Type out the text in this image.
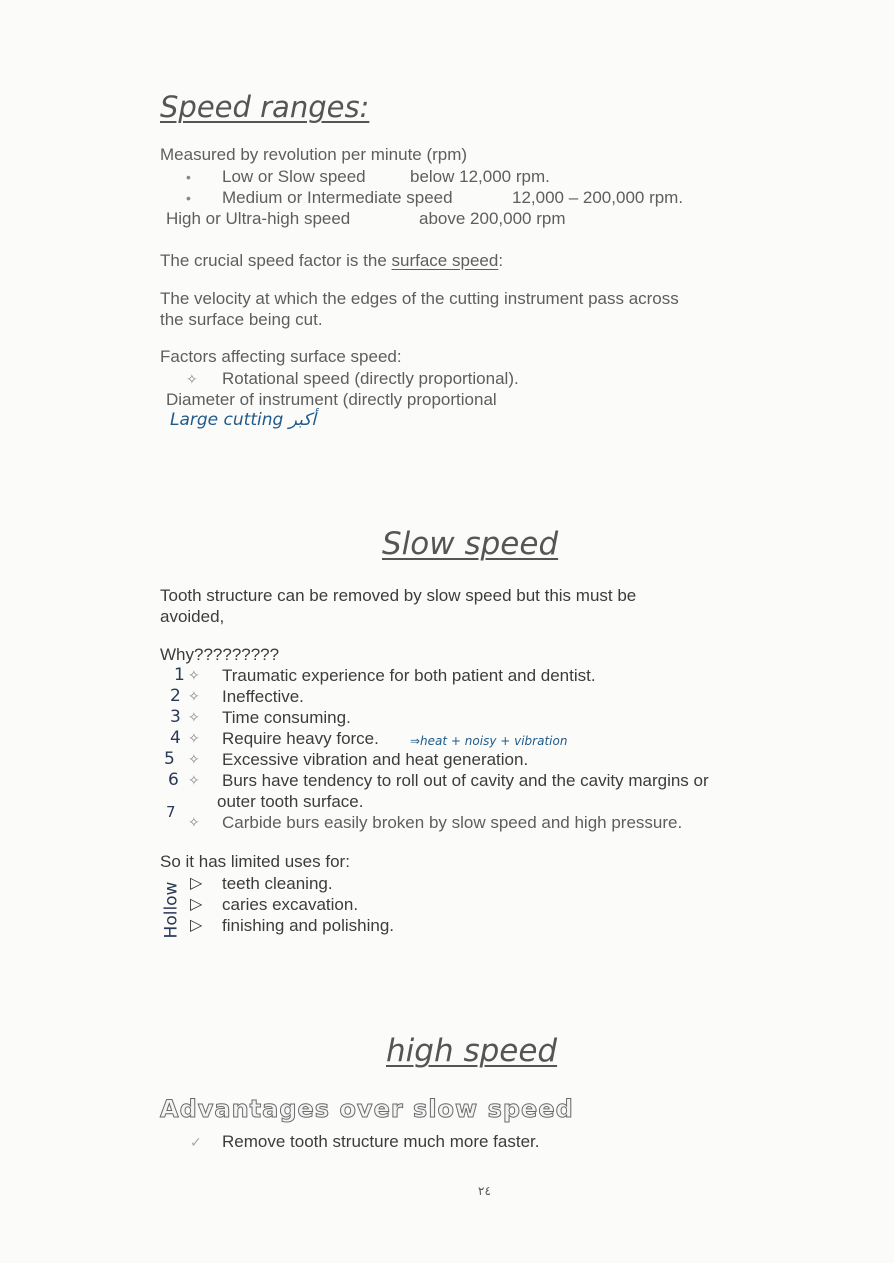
Speed ranges:
Measured by revolution per minute (rpm)
• Low or Slow speed	below 12,000 rpm.
• Medium or Intermediate speed	12,000 – 200,000 rpm.
High or Ultra-high speed	above 200,000 rpm
The crucial speed factor is the surface speed:
The velocity at which the edges of the cutting instrument pass across
the surface being cut.
Factors affecting surface speed:
✧ Rotational speed (directly proportional).
Diameter of instrument (directly proportional
Large cutting أكبر
Slow speed
Tooth structure can be removed by slow speed but this must be
avoided,
Why?????????
1 ✧ Traumatic experience for both patient and dentist.
2 ✧ Ineffective.
3 ✧ Time consuming.
4 ✧ Require heavy force.	⇒heat + noisy + vibration
5 ✧ Excessive vibration and heat generation.
6 ✧ Burs have tendency to roll out of cavity and the cavity margins or
outer tooth surface.
7
✧ Carbide burs easily broken by slow speed and high pressure.
So it has limited uses for:
▷ teeth cleaning.
▷ caries excavation.
▷ finishing and polishing.
Hollow
high speed
Advantages over slow speed
✓ Remove tooth structure much more faster.
٢٤
